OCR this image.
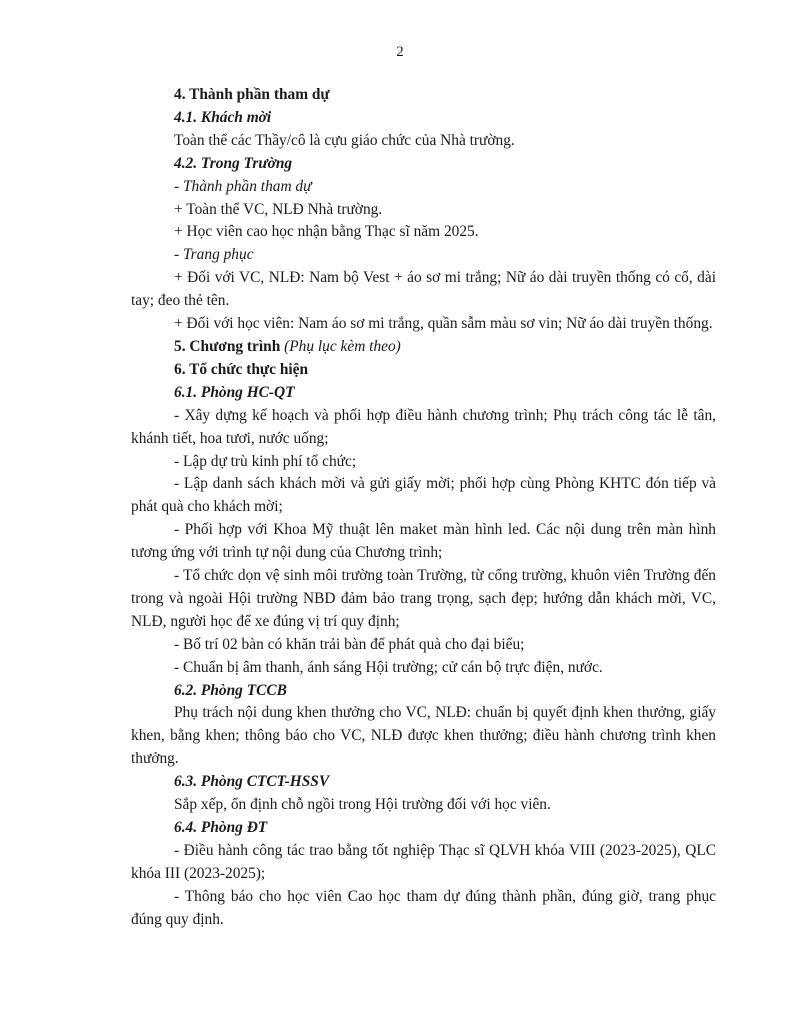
2

4. Thành phần tham dự

4.1. Khách mời

Toàn thể các Thầy/cô là cựu giáo chức của Nhà trường.

4.2. Trong Trường

- Thành phần tham dự

+ Toàn thể VC, NLĐ Nhà trường.

+ Học viên cao học nhận bằng Thạc sĩ năm 2025.

- Trang phục

+ Đối với VC, NLĐ: Nam bộ Vest + áo sơ mi trắng; Nữ áo dài truyền thống có cổ, dài tay; đeo thẻ tên.

+ Đối với học viên: Nam áo sơ mi trắng, quần sẫm màu sơ vin; Nữ áo dài truyền thống.

5. Chương trình (Phụ lục kèm theo)

6. Tổ chức thực hiện

6.1. Phòng HC-QT

- Xây dựng kế hoạch và phối hợp điều hành chương trình; Phụ trách công tác lễ tân, khánh tiết, hoa tươi, nước uống;

- Lập dự trù kinh phí tổ chức;

- Lập danh sách khách mời và gửi giấy mời; phối hợp cùng Phòng KHTC đón tiếp và phát quà cho khách mời;

- Phối hợp với Khoa Mỹ thuật lên maket màn hình led. Các nội dung trên màn hình tương ứng với trình tự nội dung của Chương trình;

- Tổ chức dọn vệ sinh môi trường toàn Trường, từ cổng trường, khuôn viên Trường đến trong và ngoài Hội trường NBD đảm bảo trang trọng, sạch đẹp; hướng dẫn khách mời, VC, NLĐ, người học để xe đúng vị trí quy định;

- Bố trí 02 bàn có khăn trải bàn để phát quà cho đại biểu;

- Chuẩn bị âm thanh, ánh sáng Hội trường; cử cán bộ trực điện, nước.

6.2. Phòng TCCB

Phụ trách nội dung khen thưởng cho VC, NLĐ: chuẩn bị quyết định khen thưởng, giấy khen, bằng khen; thông báo cho VC, NLĐ được khen thưởng; điều hành chương trình khen thưởng.

6.3. Phòng CTCT-HSSV

Sắp xếp, ổn định chỗ ngồi trong Hội trường đối với học viên.

6.4. Phòng ĐT

- Điều hành công tác trao bằng tốt nghiệp Thạc sĩ QLVH khóa VIII (2023-2025), QLC khóa III (2023-2025);

- Thông báo cho học viên Cao học tham dự đúng thành phần, đúng giờ, trang phục đúng quy định.
